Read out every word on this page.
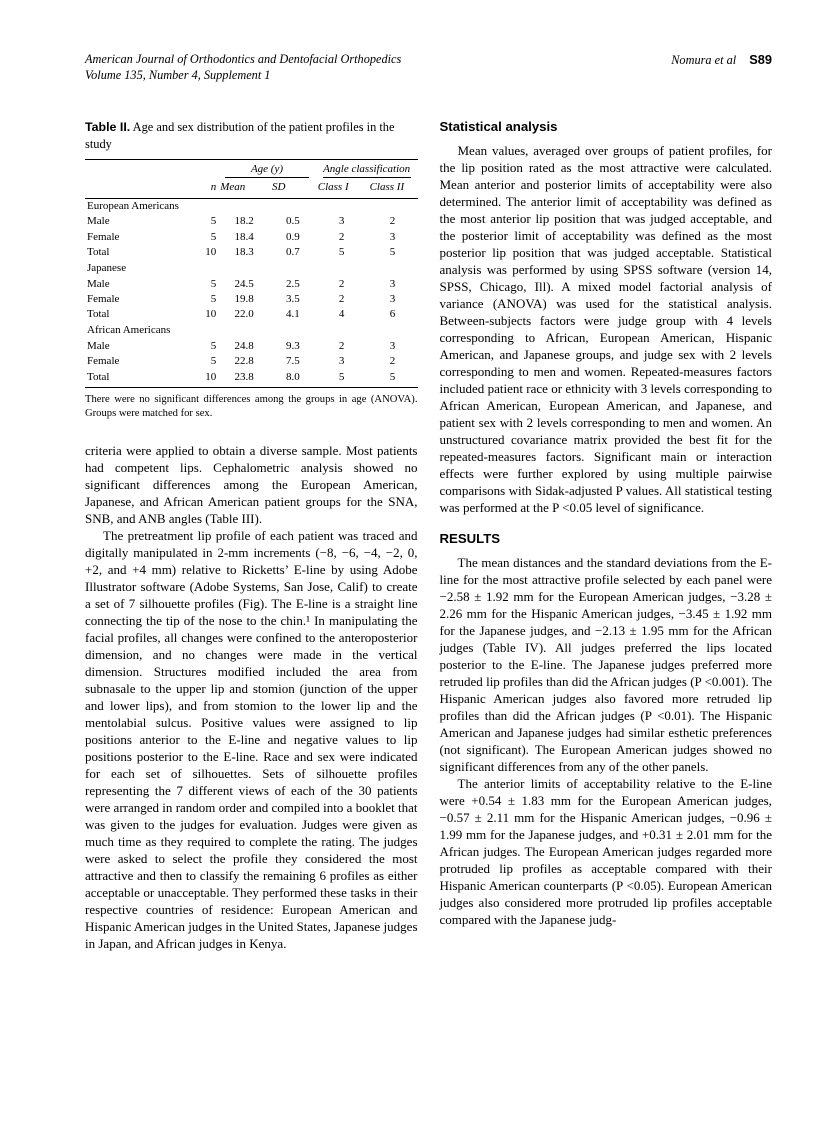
American Journal of Orthodontics and Dentofacial Orthopedics
Volume 135, Number 4, Supplement 1
Nomura et al S89
Table II. Age and sex distribution of the patient profiles in the study

		Age (y)		Angle classification	

	n	Mean	SD	Class I	Class II
European Americans					
Male	5	18.2	0.5	3	2
Female	5	18.4	0.9	2	3
Total	10	18.3	0.7	5	5
Japanese					
Male	5	24.5	2.5	2	3
Female	5	19.8	3.5	2	3
Total	10	22.0	4.1	4	6
African Americans					
Male	5	24.8	9.3	2	3
Female	5	22.8	7.5	3	2
Total	10	23.8	8.0	5	5
There were no significant differences among the groups in age (ANOVA). Groups were matched for sex.

criteria were applied to obtain a diverse sample. Most patients had competent lips. Cephalometric analysis showed no significant differences among the European American, Japanese, and African American patient groups for the SNA, SNB, and ANB angles (Table III).

The pretreatment lip profile of each patient was traced and digitally manipulated in 2-mm increments (−8, −6, −4, −2, 0, +2, and +4 mm) relative to Ricketts’ E-line by using Adobe Illustrator software (Adobe Systems, San Jose, Calif) to create a set of 7 silhouette profiles (Fig). The E-line is a straight line connecting the tip of the nose to the chin.¹ In manipulating the facial profiles, all changes were confined to the anteroposterior dimension, and no changes were made in the vertical dimension. Structures modified included the area from subnasale to the upper lip and stomion (junction of the upper and lower lips), and from stomion to the lower lip and the mentolabial sulcus. Positive values were assigned to lip positions anterior to the E-line and negative values to lip positions posterior to the E-line. Race and sex were indicated for each set of silhouettes. Sets of silhouette profiles representing the 7 different views of each of the 30 patients were arranged in random order and compiled into a booklet that was given to the judges for evaluation. Judges were given as much time as they required to complete the rating. The judges were asked to select the profile they considered the most attractive and then to classify the remaining 6 profiles as either acceptable or unacceptable. They performed these tasks in their respective countries of residence: European American and Hispanic American judges in the United States, Japanese judges in Japan, and African judges in Kenya.

Statistical analysis

Mean values, averaged over groups of patient profiles, for the lip position rated as the most attractive were calculated. Mean anterior and posterior limits of acceptability were also determined. The anterior limit of acceptability was defined as the most anterior lip position that was judged acceptable, and the posterior limit of acceptability was defined as the most posterior lip position that was judged acceptable. Statistical analysis was performed by using SPSS software (version 14, SPSS, Chicago, Ill). A mixed model factorial analysis of variance (ANOVA) was used for the statistical analysis. Between-subjects factors were judge group with 4 levels corresponding to African, European American, Hispanic American, and Japanese groups, and judge sex with 2 levels corresponding to men and women. Repeated-measures factors included patient race or ethnicity with 3 levels corresponding to African American, European American, and Japanese, and patient sex with 2 levels corresponding to men and women. An unstructured covariance matrix provided the best fit for the repeated-measures factors. Significant main or interaction effects were further explored by using multiple pairwise comparisons with Sidak-adjusted P values. All statistical testing was performed at the P <0.05 level of significance.

RESULTS

The mean distances and the standard deviations from the E-line for the most attractive profile selected by each panel were −2.58 ± 1.92 mm for the European American judges, −3.28 ± 2.26 mm for the Hispanic American judges, −3.45 ± 1.92 mm for the Japanese judges, and −2.13 ± 1.95 mm for the African judges (Table IV). All judges preferred the lips located posterior to the E-line. The Japanese judges preferred more retruded lip profiles than did the African judges (P <0.001). The Hispanic American judges also favored more retruded lip profiles than did the African judges (P <0.01). The Hispanic American and Japanese judges had similar esthetic preferences (not significant). The European American judges showed no significant differences from any of the other panels.

The anterior limits of acceptability relative to the E-line were +0.54 ± 1.83 mm for the European American judges, −0.57 ± 2.11 mm for the Hispanic American judges, −0.96 ± 1.99 mm for the Japanese judges, and +0.31 ± 2.01 mm for the African judges. The European American judges regarded more protruded lip profiles as acceptable compared with their Hispanic American counterparts (P <0.05). European American judges also considered more protruded lip profiles acceptable compared with the Japanese judg-
